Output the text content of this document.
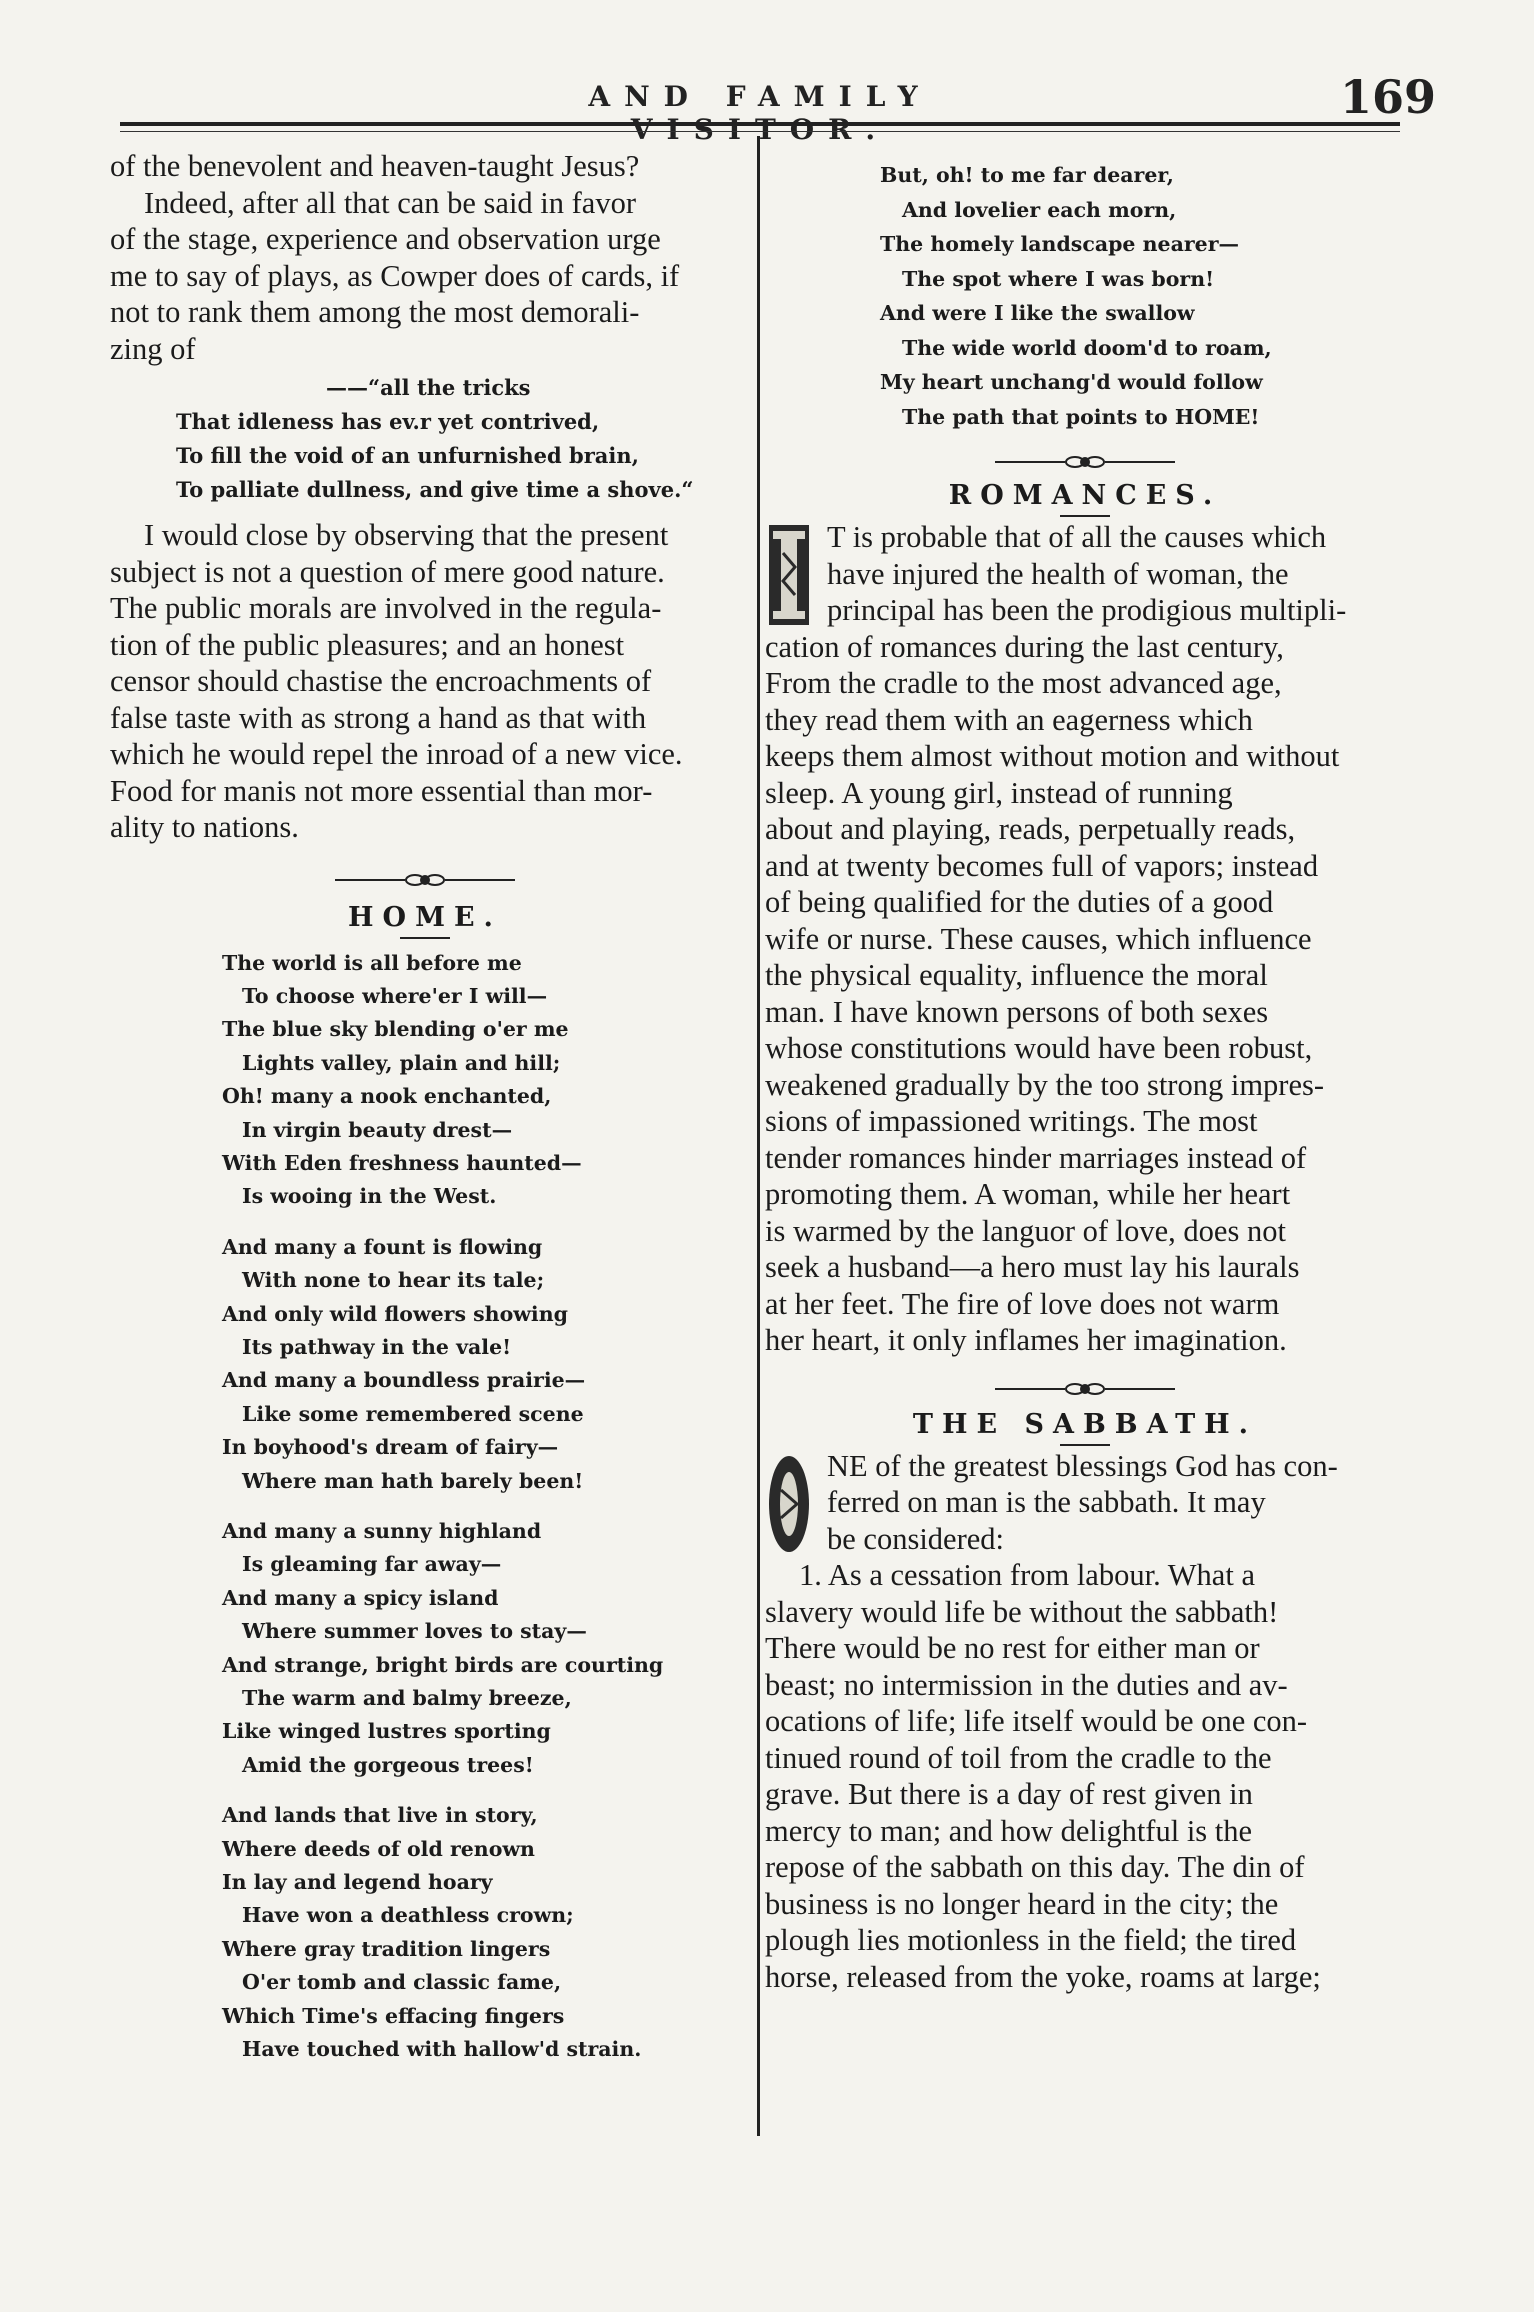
AND FAMILY VISITOR.
169
of the benevolent and heaven-taught Jesus?
Indeed, after all that can be said in favor
of the stage, experience and observation urge
me to say of plays, as Cowper does of cards, if
not to rank them among the most demorali-
zing of
——“all the tricks
That idleness has ev.r yet contrived,
To fill the void of an unfurnished brain,
To palliate dullness, and give time a shove.“
I would close by observing that the present
subject is not a question of mere good nature.
The public morals are involved in the regula-
tion of the public pleasures; and an honest
censor should chastise the encroachments of
false taste with as strong a hand as that with
which he would repel the inroad of a new vice.
Food for manis not more essential than mor-
ality to nations.
HOME.
The world is all before me
To choose where'er I will—
The blue sky blending o'er me
Lights valley, plain and hill;
Oh! many a nook enchanted,
In virgin beauty drest—
With Eden freshness haunted—
Is wooing in the West.
And many a fount is flowing
With none to hear its tale;
And only wild flowers showing
Its pathway in the vale!
And many a boundless prairie—
Like some remembered scene
In boyhood's dream of fairy—
Where man hath barely been!
And many a sunny highland
Is gleaming far away—
And many a spicy island
Where summer loves to stay—
And strange, bright birds are courting
The warm and balmy breeze,
Like winged lustres sporting
Amid the gorgeous trees!
And lands that live in story,
Where deeds of old renown
In lay and legend hoary
Have won a deathless crown;
Where gray tradition lingers
O'er tomb and classic fame,
Which Time's effacing fingers
Have touched with hallow'd strain.
But, oh! to me far dearer,
And lovelier each morn,
The homely landscape nearer—
The spot where I was born!
And were I like the swallow
The wide world doom'd to roam,
My heart unchang'd would follow
The path that points to HOME!
ROMANCES.
T is probable that of all the causes which
have injured the health of woman, the
principal has been the prodigious multipli-
cation of romances during the last century,
From the cradle to the most advanced age,
they read them with an eagerness which
keeps them almost without motion and without
sleep. A young girl, instead of running
about and playing, reads, perpetually reads,
and at twenty becomes full of vapors; instead
of being qualified for the duties of a good
wife or nurse. These causes, which influence
the physical equality, influence the moral
man. I have known persons of both sexes
whose constitutions would have been robust,
weakened gradually by the too strong impres-
sions of impassioned writings. The most
tender romances hinder marriages instead of
promoting them. A woman, while her heart
is warmed by the languor of love, does not
seek a husband—a hero must lay his laurals
at her feet. The fire of love does not warm
her heart, it only inflames her imagination.
THE SABBATH.
NE of the greatest blessings God has con-
ferred on man is the sabbath. It may
be considered:
1. As a cessation from labour. What a
slavery would life be without the sabbath!
There would be no rest for either man or
beast; no intermission in the duties and av-
ocations of life; life itself would be one con-
tinued round of toil from the cradle to the
grave. But there is a day of rest given in
mercy to man; and how delightful is the
repose of the sabbath on this day. The din of
business is no longer heard in the city; the
plough lies motionless in the field; the tired
horse, released from the yoke, roams at large;
